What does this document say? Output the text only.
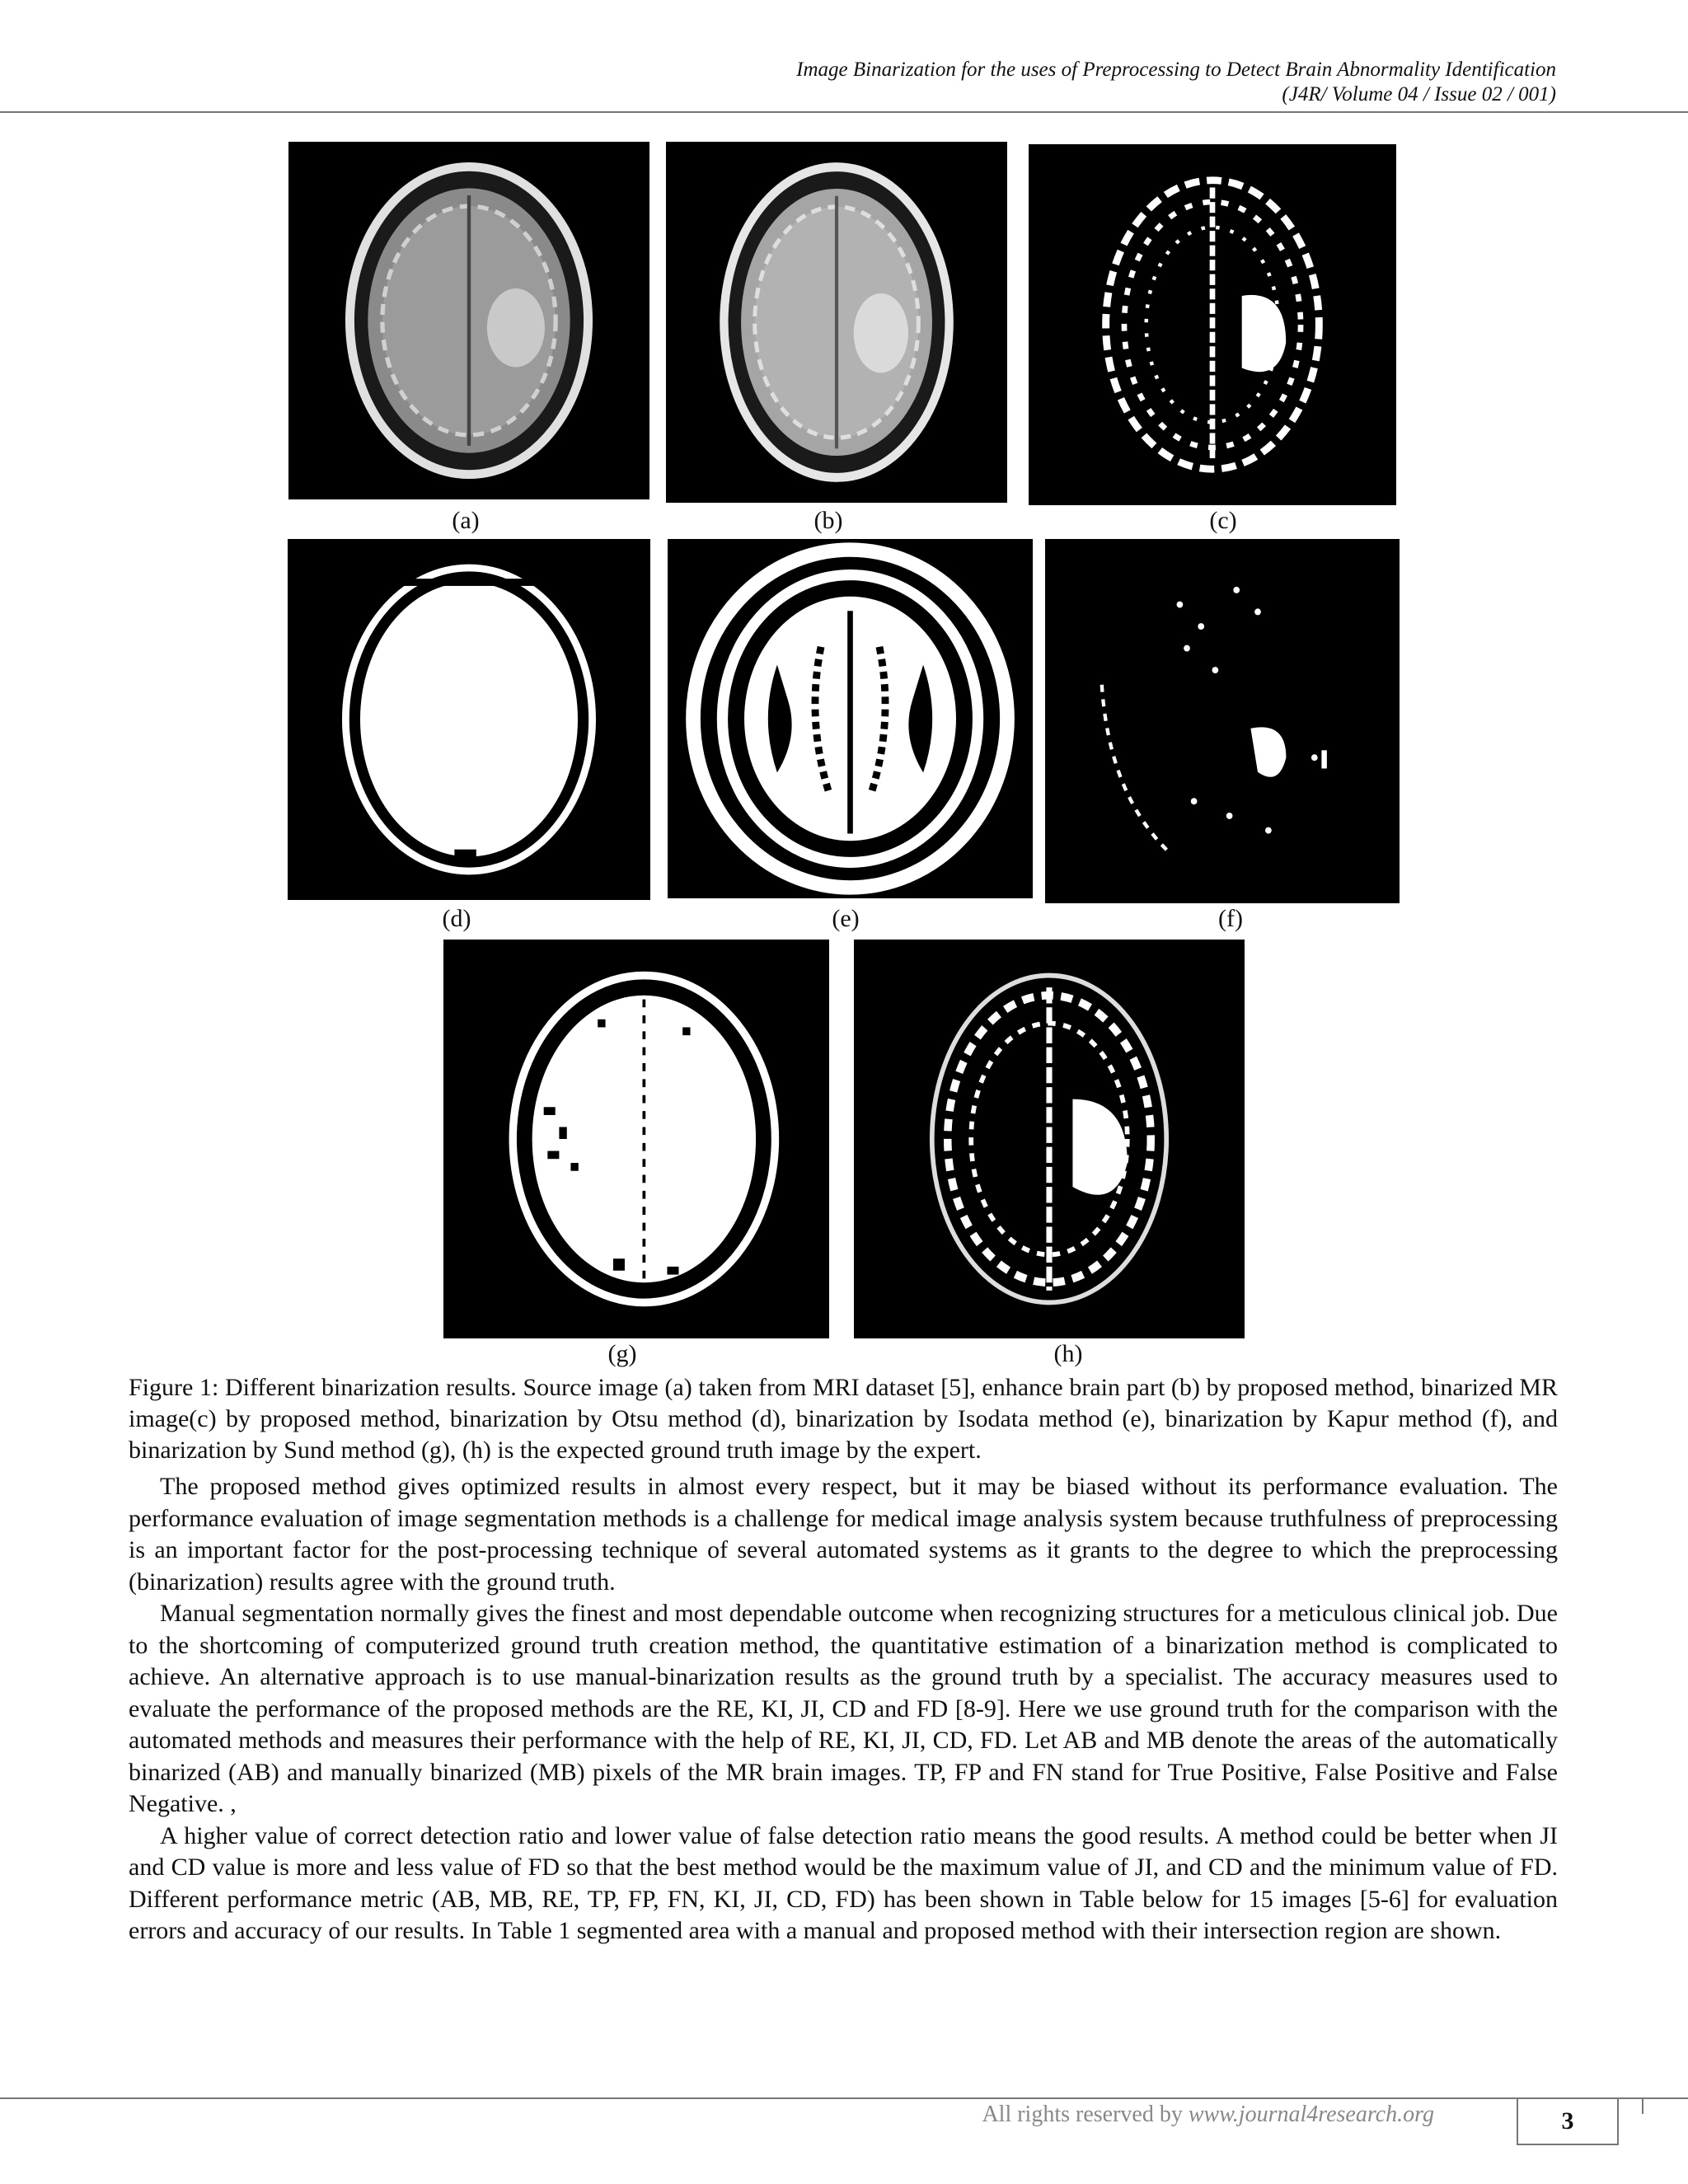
Image Binarization for the uses of Preprocessing to Detect Brain Abnormality Identification
(J4R/ Volume 04 / Issue 02 / 001)
(a)	(b)	(c)
(d)	(e)	(f)
(g)	(h)
Figure 1: Different binarization results. Source image (a) taken from MRI dataset [5], enhance brain part (b) by proposed method, binarized MR image(c) by proposed method, binarization by Otsu method (d), binarization by Isodata method (e), binarization by Kapur method (f), and binarization by Sund method (g), (h) is the expected ground truth image by the expert.

The proposed method gives optimized results in almost every respect, but it may be biased without its performance evaluation. The performance evaluation of image segmentation methods is a challenge for medical image analysis system because truthfulness of preprocessing is an important factor for the post-processing technique of several automated systems as it grants to the degree to which the preprocessing (binarization) results agree with the ground truth.

Manual segmentation normally gives the finest and most dependable outcome when recognizing structures for a meticulous clinical job. Due to the shortcoming of computerized ground truth creation method, the quantitative estimation of a binarization method is complicated to achieve. An alternative approach is to use manual-binarization results as the ground truth by a specialist. The accuracy measures used to evaluate the performance of the proposed methods are the RE, KI, JI, CD and FD [8-9]. Here we use ground truth for the comparison with the automated methods and measures their performance with the help of RE, KI, JI, CD, FD. Let AB and MB denote the areas of the automatically binarized (AB) and manually binarized (MB) pixels of the MR brain images. TP, FP and FN stand for True Positive, False Positive and False Negative. ,

A higher value of correct detection ratio and lower value of false detection ratio means the good results. A method could be better when JI and CD value is more and less value of FD so that the best method would be the maximum value of JI, and CD and the minimum value of FD. Different performance metric (AB, MB, RE, TP, FP, FN, KI, JI, CD, FD) has been shown in Table below for 15 images [5-6] for evaluation errors and accuracy of our results. In Table 1 segmented area with a manual and proposed method with their intersection region are shown.

All rights reserved by www.journal4research.org	3
